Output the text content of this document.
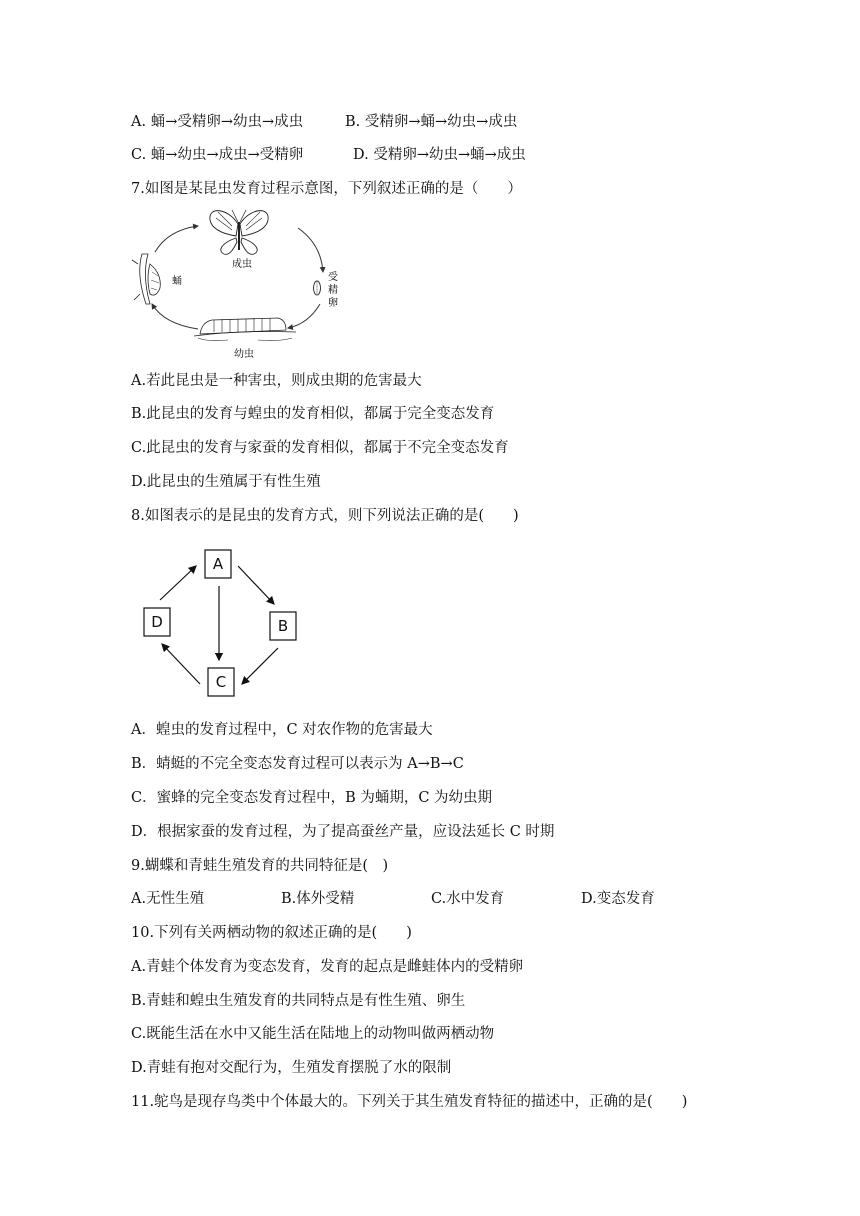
A. 蛹→受精卵→幼虫→成虫	B. 受精卵→蛹→幼虫→成虫
C. 蛹→幼虫→成虫→受精卵	D. 受精卵→幼虫→蛹→成虫
7.如图是某昆虫发育过程示意图，下列叙述正确的是（　　）
成虫
受
精
卵
幼虫
蛹
A.若此昆虫是一种害虫，则成虫期的危害最大
B.此昆虫的发育与蝗虫的发育相似，都属于完全变态发育
C.此昆虫的发育与家蚕的发育相似，都属于不完全变态发育
D.此昆虫的生殖属于有性生殖
8.如图表示的是昆虫的发育方式，则下列说法正确的是(　　)
A
B
C
D
A．蝗虫的发育过程中，C 对农作物的危害最大
B．蜻蜓的不完全变态发育过程可以表示为 A→B→C
C．蜜蜂的完全变态发育过程中，B 为蛹期，C 为幼虫期
D．根据家蚕的发育过程，为了提高蚕丝产量，应设法延长 C 时期
9.蝴蝶和青蛙生殖发育的共同特征是(　)
A.无性生殖	B.体外受精	C.水中发育	D.变态发育
10.下列有关两栖动物的叙述正确的是(　　)
A.青蛙个体发育为变态发育，发育的起点是雌蛙体内的受精卵
B.青蛙和蝗虫生殖发育的共同特点是有性生殖、卵生
C.既能生活在水中又能生活在陆地上的动物叫做两栖动物
D.青蛙有抱对交配行为，生殖发育摆脱了水的限制
11.鸵鸟是现存鸟类中个体最大的。下列关于其生殖发育特征的描述中，正确的是(　　)
